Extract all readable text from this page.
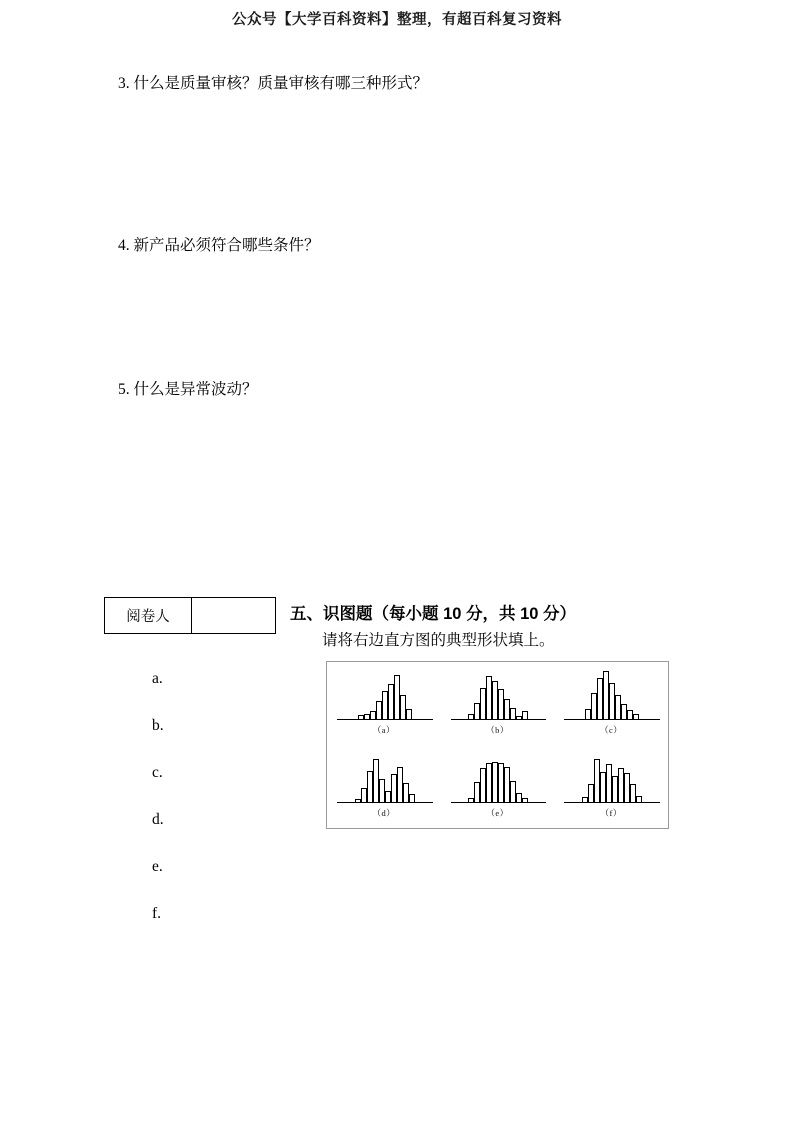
公众号【大学百科资料】整理，有超百科复习资料
3. 什么是质量审核？质量审核有哪三种形式？
4. 新产品必须符合哪些条件？
5. 什么是异常波动？
阅卷人	五、识图题（每小题 10 分，共 10 分）
请将右边直方图的典型形状填上。
a.
b.
c.
d.
e.
f.
（a）	（b）	（c）
（d）	（e）	（f）
